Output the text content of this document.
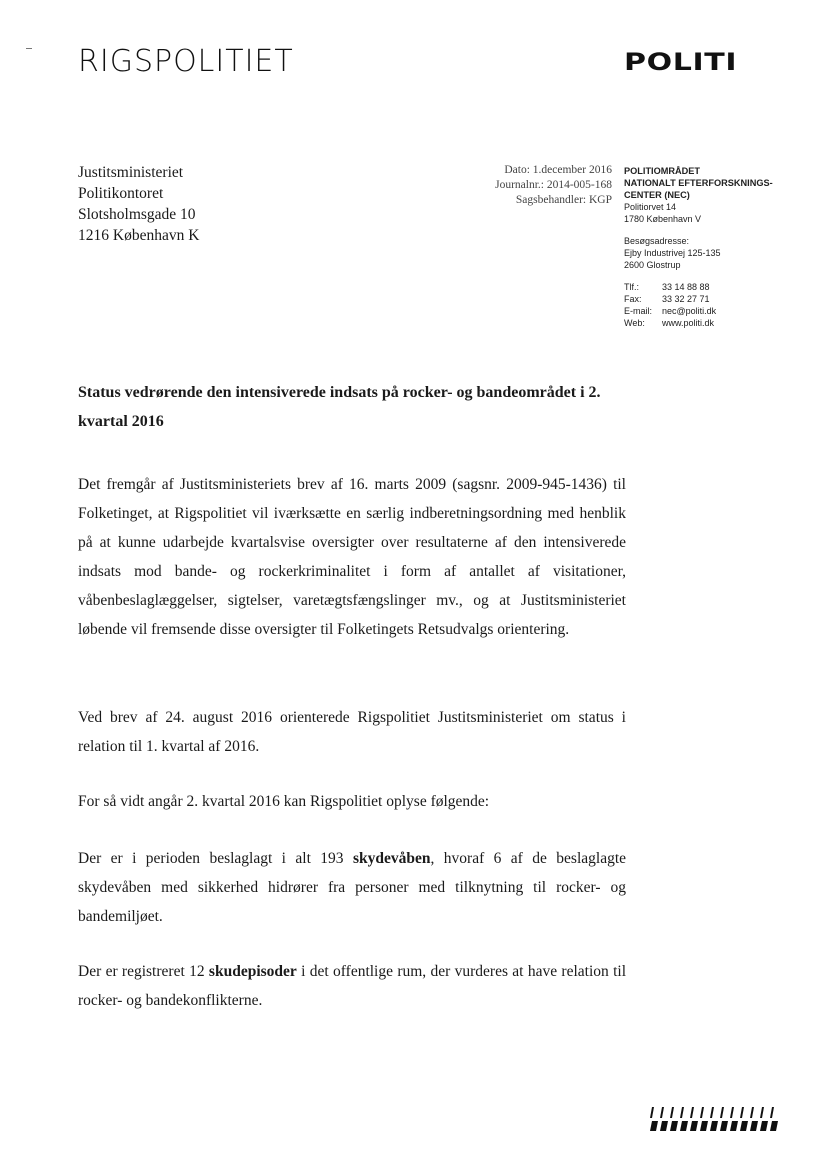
RIGSPOLITIET	POLITI
Justitsministeriet
Politikontoret
Slotsholmsgade 10
1216 København K
Dato: 1.december 2016
Journalnr.: 2014-005-168
Sagsbehandler: KGP
POLITIOMRÅDET
NATIONALT EFTERFORSKNINGS-
CENTER (NEC)
Politiorvet 14
1780 København V
Besøgsadresse:
Ejby Industrivej 125-135
2600 Glostrup
Tlf.:	33 14 88 88
Fax:	33 32 27 71
E-mail:	nec@politi.dk
Web:	www.politi.dk
Status vedrørende den intensiverede indsats på rocker- og bandeområdet i 2. kvartal 2016
Det fremgår af Justitsministeriets brev af 16. marts 2009 (sagsnr. 2009-945-1436) til Folketinget, at Rigspolitiet vil iværksætte en særlig indberetningsordning med henblik på at kunne udarbejde kvartalsvise oversigter over resultaterne af den intensiverede indsats mod bande- og rockerkriminalitet i form af antallet af visitationer, våbenbeslaglæggelser, sigtelser, varetægtsfængslinger mv., og at Justitsministeriet løbende vil fremsende disse oversigter til Folketingets Retsudvalgs orientering.
Ved brev af 24. august 2016 orienterede Rigspolitiet Justitsministeriet om status i relation til 1. kvartal af 2016.
For så vidt angår 2. kvartal 2016 kan Rigspolitiet oplyse følgende:
Der er i perioden beslaglagt i alt 193 skydevåben, hvoraf 6 af de beslaglagte skydevåben med sikkerhed hidrører fra personer med tilknytning til rocker- og bandemiljøet.
Der er registreret 12 skudepisoder i det offentlige rum, der vurderes at have relation til rocker- og bandekonflikterne.
